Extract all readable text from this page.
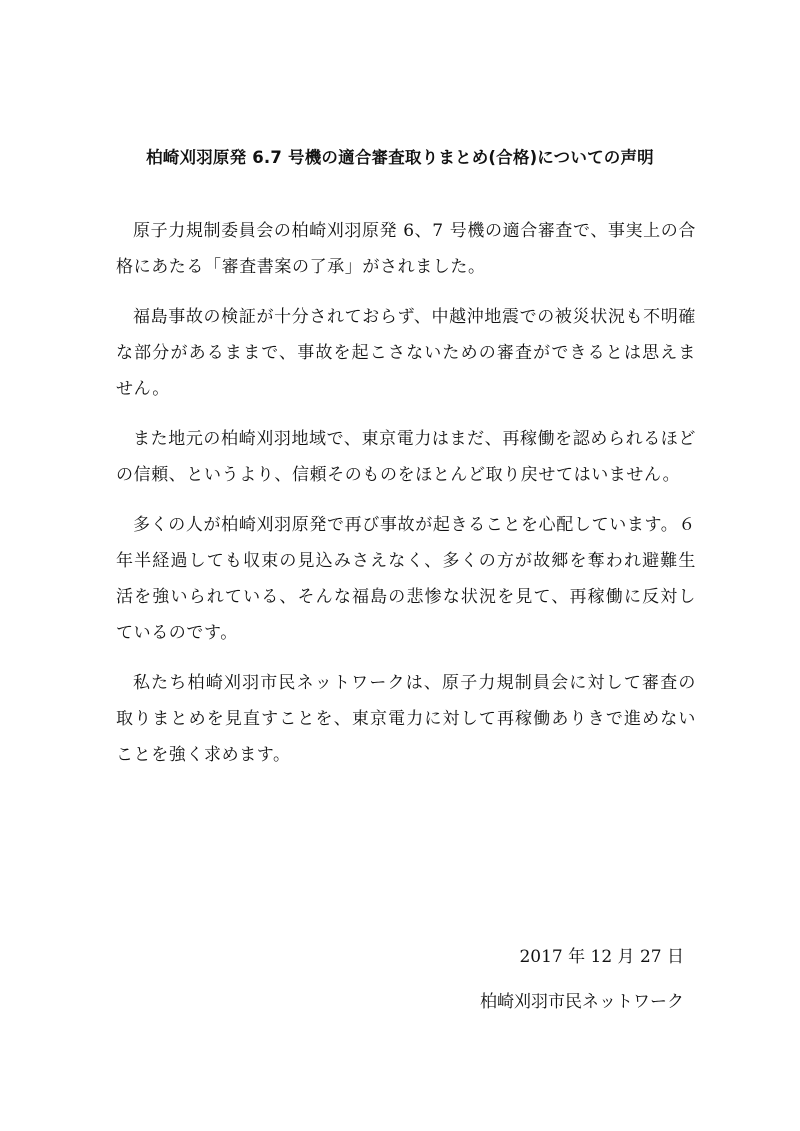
柏崎刈羽原発 6.7 号機の適合審査取りまとめ(合格)についての声明

原子力規制委員会の柏崎刈羽原発 6、7 号機の適合審査で、事実上の合格にあたる「審査書案の了承」がされました。

福島事故の検証が十分されておらず、中越沖地震での被災状況も不明確な部分があるままで、事故を起こさないための審査ができるとは思えません。

また地元の柏崎刈羽地域で、東京電力はまだ、再稼働を認められるほどの信頼、というより、信頼そのものをほとんど取り戻せてはいません。

多くの人が柏崎刈羽原発で再び事故が起きることを心配しています。６年半経過しても収束の見込みさえなく、多くの方が故郷を奪われ避難生活を強いられている、そんな福島の悲惨な状況を見て、再稼働に反対しているのです。

私たち柏崎刈羽市民ネットワークは、原子力規制員会に対して審査の取りまとめを見直すことを、東京電力に対して再稼働ありきで進めないことを強く求めます。

2017 年 12 月 27 日
柏崎刈羽市民ネットワーク
